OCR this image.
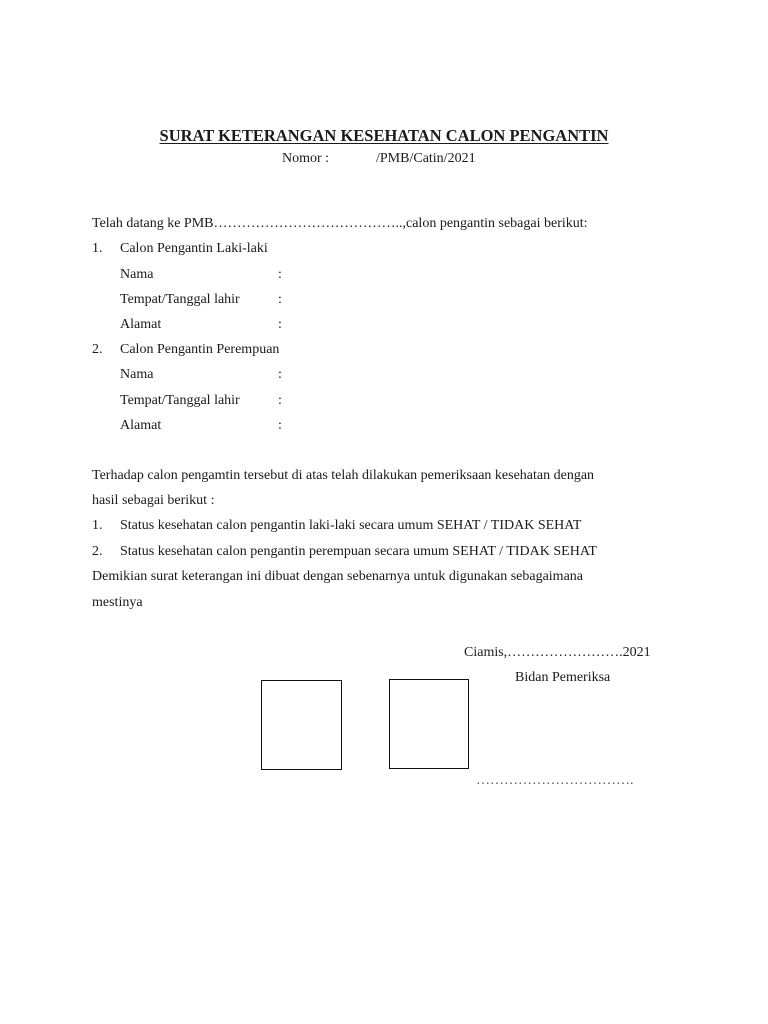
SURAT KETERANGAN KESEHATAN CALON PENGANTIN
Nomor :	/PMB/Catin/2021
Telah datang ke PMB…………………………………..,calon pengantin sebagai berikut:
1. Calon Pengantin Laki-laki
Nama	:
Tempat/Tanggal lahir	:
Alamat	:
2. Calon Pengantin Perempuan
Nama	:
Tempat/Tanggal lahir	:
Alamat	:
Terhadap calon pengamtin tersebut di atas telah dilakukan pemeriksaan kesehatan dengan
hasil sebagai berikut :
1. Status kesehatan calon pengantin laki-laki secara umum SEHAT / TIDAK SEHAT
2. Status kesehatan calon pengantin perempuan secara umum SEHAT / TIDAK SEHAT
Demikian surat keterangan ini dibuat dengan sebenarnya untuk digunakan sebagaimana
mestinya
Ciamis,…………………….2021
Bidan Pemeriksa
…………………………….
